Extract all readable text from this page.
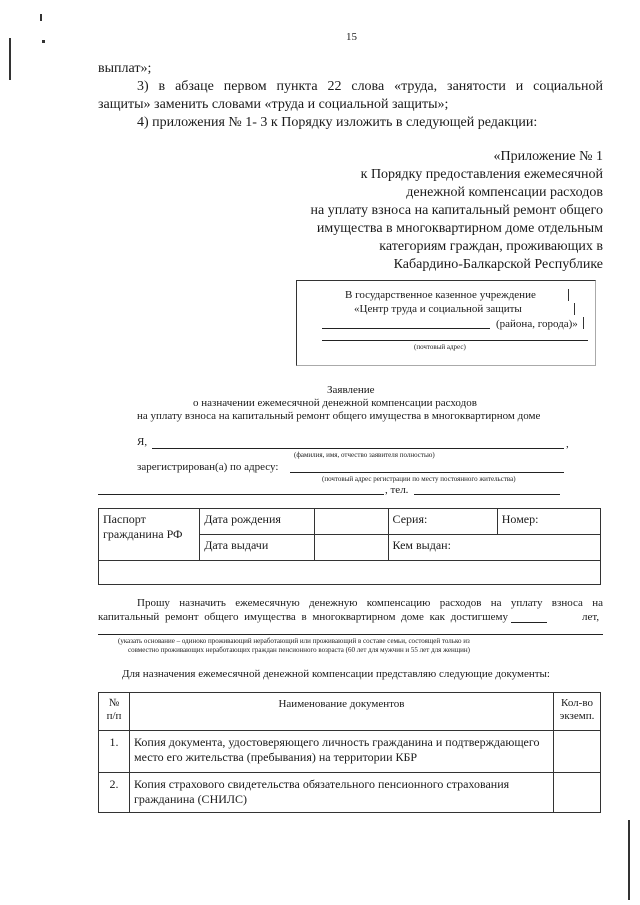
15
выплат»;
3) в абзаце первом пункта 22 слова «труда, занятости и социальной
защиты» заменить словами «труда и социальной защиты»;
4) приложения № 1- 3 к Порядку изложить в следующей редакции:
«Приложение № 1
к Порядку предоставления ежемесячной
денежной компенсации расходов
на уплату взноса на капитальный ремонт общего
имущества в многоквартирном доме отдельным
категориям граждан, проживающих в
Кабардино-Балкарской Республике
В государственное казенное учреждение
«Центр труда и социальной защиты
(района, города)»
(почтовый адрес)
Заявление
о назначении ежемесячной денежной компенсации расходов
на уплату взноса на капитальный ремонт общего имущества в многоквартирном доме
Я,	,
(фамилия, имя, отчество заявителя полностью)
зарегистрирован(а) по адресу:
(почтовый адрес регистрации по месту постоянного жительства)
, тел.
Паспорт гражданина РФ	Дата рождения		Серия:	Номер:
	Дата выдачи		Кем выдан:	

Прошу назначить ежемесячную денежную компенсацию расходов на уплату взноса на
капитальный ремонт общего имущества в многоквартирном доме как достигшему	лет,
(указать основание – одиноко проживающий неработающий или проживающий в составе семьи, состоящей только из
совместно проживающих неработающих граждан пенсионного возраста (60 лет для мужчин и 55 лет для женщин)
Для назначения ежемесячной денежной компенсации представляю следующие документы:
№ п/п	Наименование документов	Кол-во экземп.
1.	Копия документа, удостоверяющего личность гражданина и подтверждающего место его жительства (пребывания) на территории КБР	
2.	Копия страхового свидетельства обязательного пенсионного страхования гражданина (СНИЛС)	
